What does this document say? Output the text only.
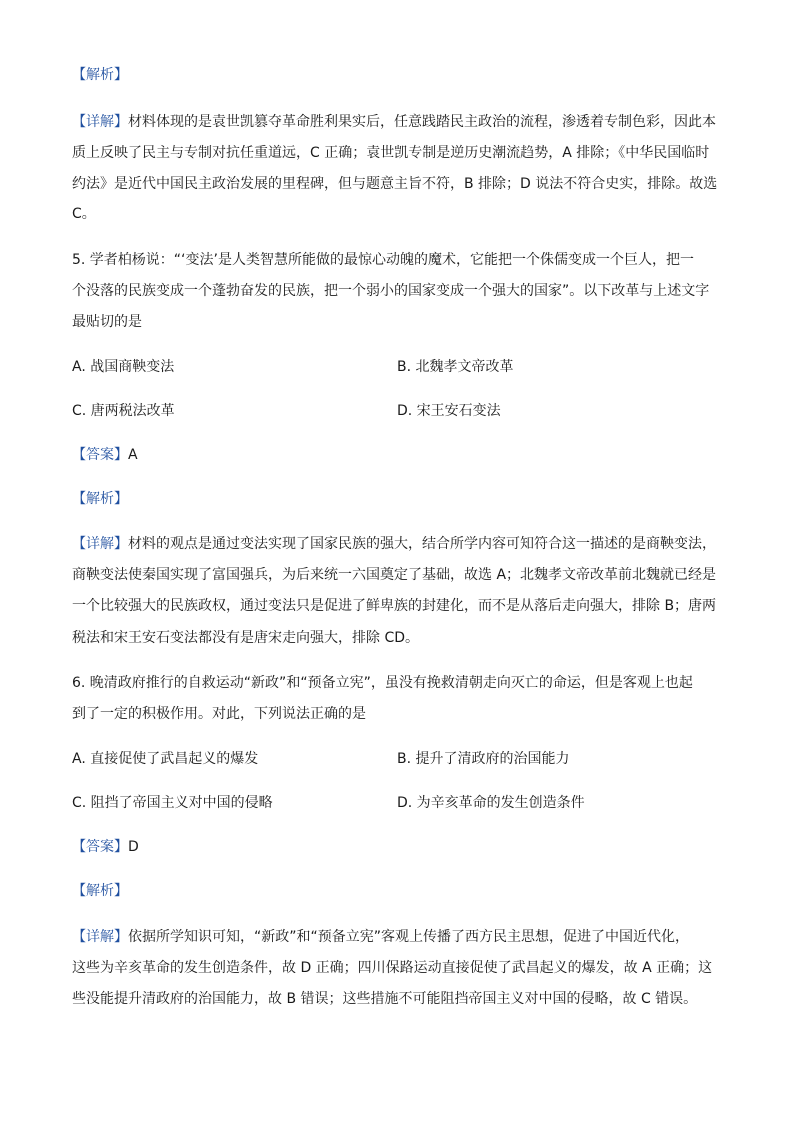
【解析】
【详解】材料体现的是袁世凯篡夺革命胜利果实后，任意践踏民主政治的流程，渗透着专制色彩，因此本
质上反映了民主与专制对抗任重道远，C 正确；袁世凯专制是逆历史潮流趋势，A 排除；《中华民国临时
约法》是近代中国民主政治发展的里程碑，但与题意主旨不符，B 排除；D 说法不符合史实，排除。故选
C。
5. 学者柏杨说：“‘变法’是人类智慧所能做的最惊心动魄的魔术，它能把一个侏儒变成一个巨人，把一
个没落的民族变成一个蓬勃奋发的民族，把一个弱小的国家变成一个强大的国家”。以下改革与上述文字
最贴切的是
A. 战国商鞅变法	B. 北魏孝文帝改革
C. 唐两税法改革	D. 宋王安石变法
【答案】A
【解析】
【详解】材料的观点是通过变法实现了国家民族的强大，结合所学内容可知符合这一描述的是商鞅变法，
商鞅变法使秦国实现了富国强兵，为后来统一六国奠定了基础，故选 A；北魏孝文帝改革前北魏就已经是
一个比较强大的民族政权，通过变法只是促进了鲜卑族的封建化，而不是从落后走向强大，排除 B；唐两
税法和宋王安石变法都没有是唐宋走向强大，排除 CD。
6. 晚清政府推行的自救运动“新政”和“预备立宪”，虽没有挽救清朝走向灭亡的命运，但是客观上也起
到了一定的积极作用。对此，下列说法正确的是
A. 直接促使了武昌起义的爆发	B. 提升了清政府的治国能力
C. 阻挡了帝国主义对中国的侵略	D. 为辛亥革命的发生创造条件
【答案】D
【解析】
【详解】依据所学知识可知，“新政”和“预备立宪”客观上传播了西方民主思想，促进了中国近代化，
这些为辛亥革命的发生创造条件，故 D 正确；四川保路运动直接促使了武昌起义的爆发，故 A 正确；这
些没能提升清政府的治国能力，故 B 错误；这些措施不可能阻挡帝国主义对中国的侵略，故 C 错误。
